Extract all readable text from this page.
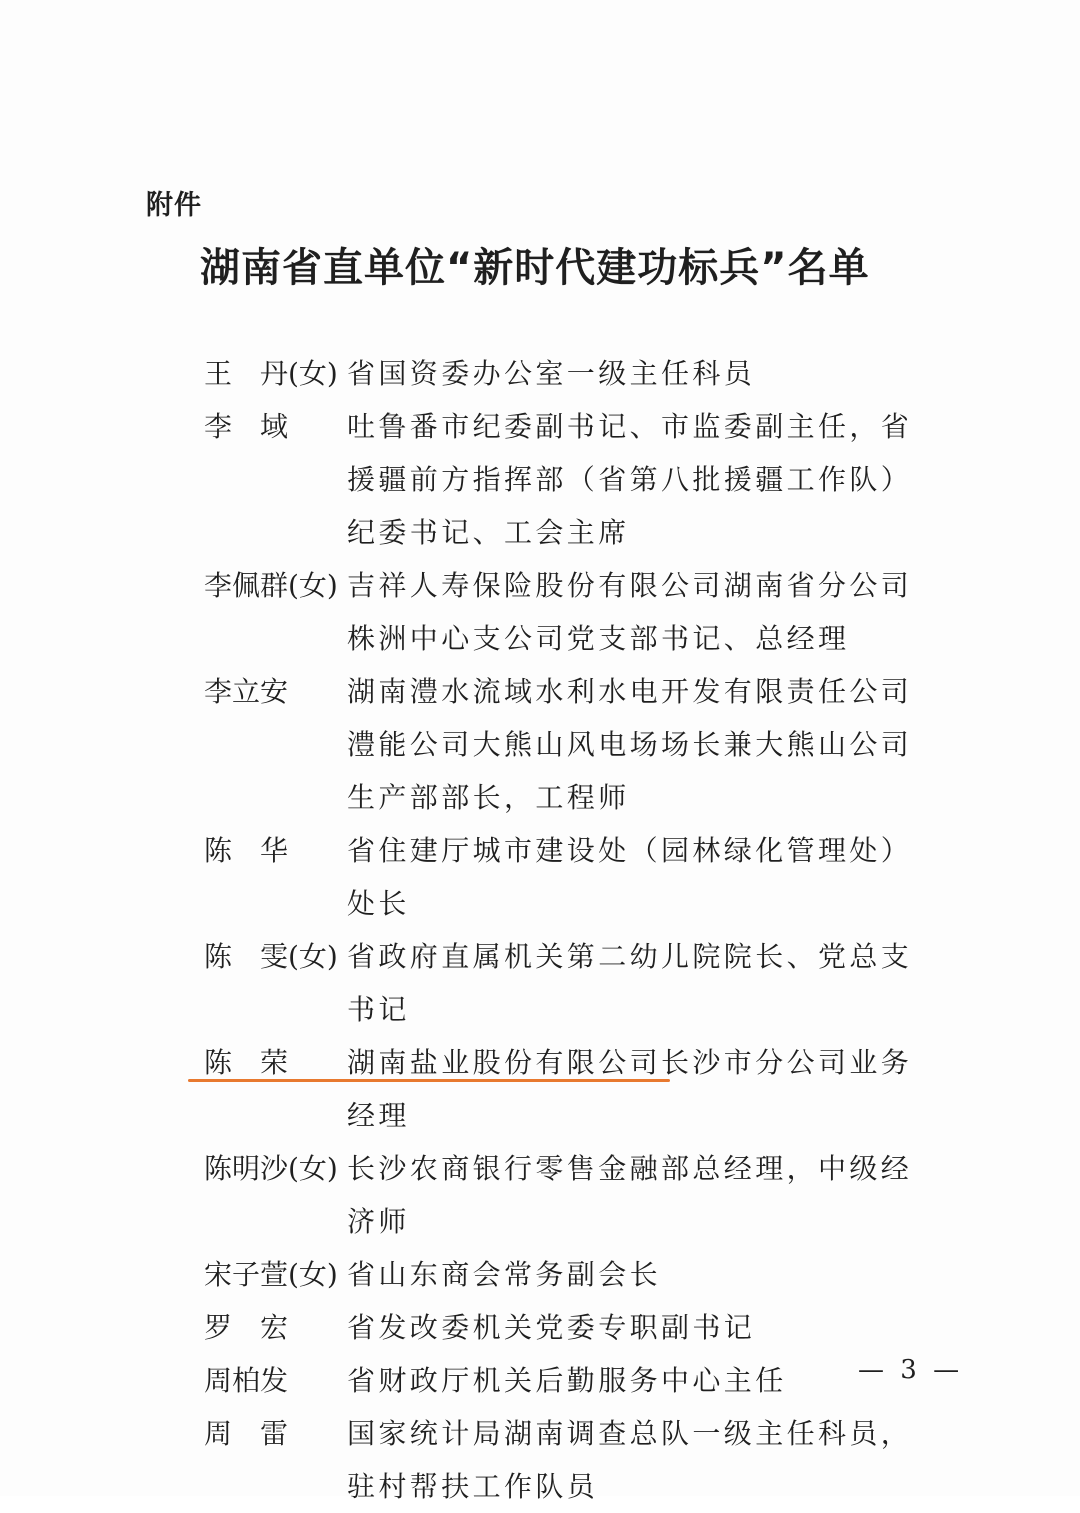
附件
湖南省直单位“新时代建功标兵”名单
王　丹(女) 省国资委办公室一级主任科员
李　域	吐鲁番市纪委副书记、市监委副主任，省援疆前方指挥部（省第八批援疆工作队）纪委书记、工会主席
李佩群(女) 吉祥人寿保险股份有限公司湖南省分公司株洲中心支公司党支部书记、总经理
李立安	湖南澧水流域水利水电开发有限责任公司澧能公司大熊山风电场场长兼大熊山公司生产部部长，工程师
陈　华	省住建厅城市建设处（园林绿化管理处）处长
陈　雯(女) 省政府直属机关第二幼儿院院长、党总支书记
陈　荣	湖南盐业股份有限公司长沙市分公司业务经理
陈明沙(女) 长沙农商银行零售金融部总经理，中级经济师
宋子萱(女) 省山东商会常务副会长
罗　宏	省发改委机关党委专职副书记
周柏发	省财政厅机关后勤服务中心主任
周　雷	国家统计局湖南调查总队一级主任科员，驻村帮扶工作队员
— 3 —
